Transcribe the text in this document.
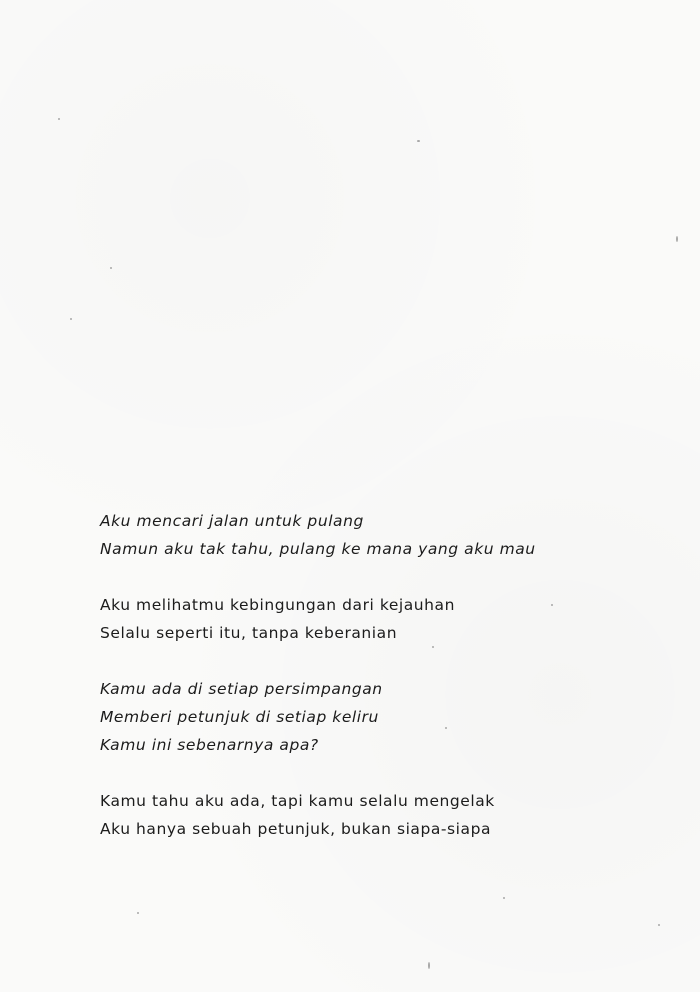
Aku mencari jalan untuk pulang
Namun aku tak tahu, pulang ke mana yang aku mau
Aku melihatmu kebingungan dari kejauhan
Selalu seperti itu, tanpa keberanian
Kamu ada di setiap persimpangan
Memberi petunjuk di setiap keliru
Kamu ini sebenarnya apa?
Kamu tahu aku ada, tapi kamu selalu mengelak
Aku hanya sebuah petunjuk, bukan siapa-siapa
